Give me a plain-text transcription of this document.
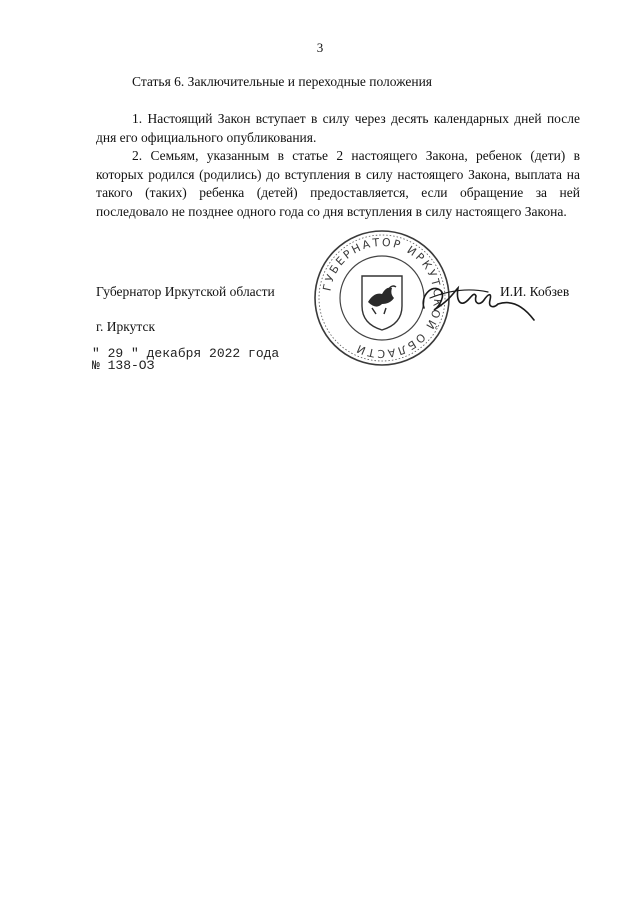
3
Статья 6. Заключительные и переходные положения

1. Настоящий Закон вступает в силу через десять календарных дней после дня его официального опубликования.

2. Семьям, указанным в статье 2 настоящего Закона, ребенок (дети) в которых родился (родились) до вступления в силу настоящего Закона, выплата на такого (таких) ребенка (детей) предоставляется, если обращение за ней последовало не позднее одного года со дня вступления в силу настоящего Закона.

Губернатор Иркутской области	ГУБЕРНАТОР ИРКУТСКОЙ ОБЛАСТИ
И.И. Кобзев
г. Иркутск
" 29 " декабря 2022 года
№ 138-ОЗ
